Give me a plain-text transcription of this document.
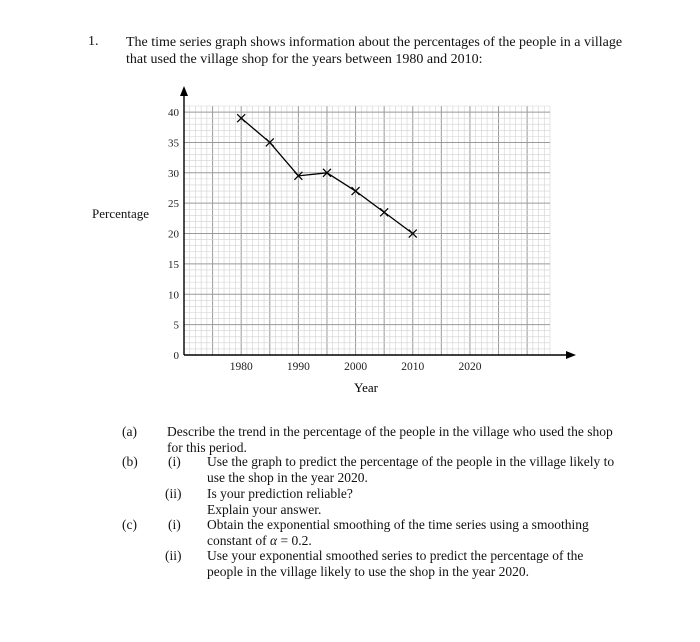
1. The time series graph shows information about the percentages of the people in a village that used the village shop for the years between 1980 and 2010:
Percentage
0
5
10
15
20
25
30
35
40
1980	1990	2000	2010	2020
Year
(a) Describe the trend in the percentage of the people in the village who used the shop for this period.
(b) (i) Use the graph to predict the percentage of the people in the village likely to use the shop in the year 2020.
(ii) Is your prediction reliable?
Explain your answer.
(c) (i) Obtain the exponential smoothing of the time series using a smoothing constant of α = 0.2.
(ii) Use your exponential smoothed series to predict the percentage of the people in the village likely to use the shop in the year 2020.
